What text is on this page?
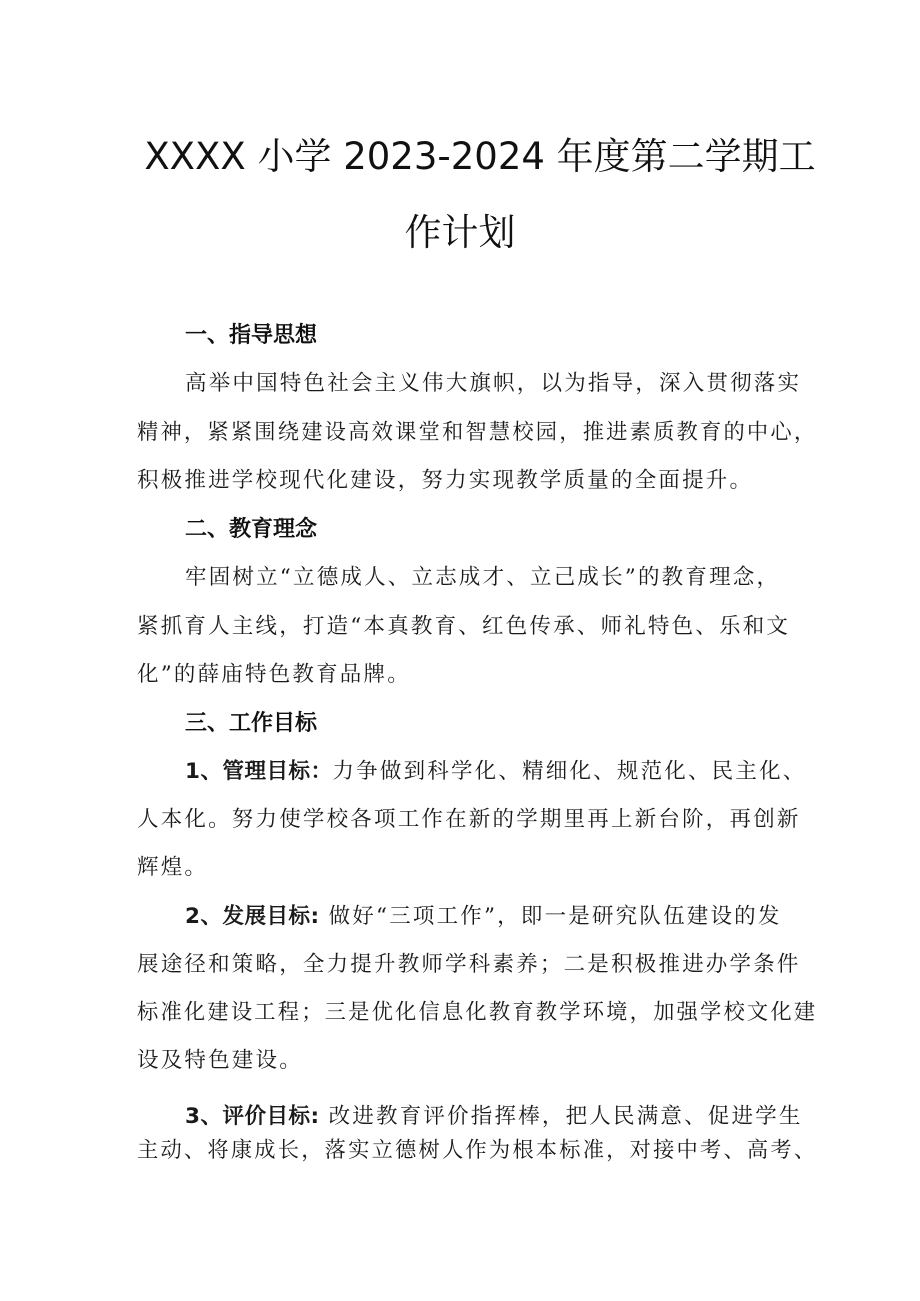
XXXX 小学 2023-2024 年度第二学期工
作计划
一、指导思想
高举中国特色社会主义伟大旗帜，以为指导，深入贯彻落实
精神，紧紧围绕建设高效课堂和智慧校园，推进素质教育的中心，
积极推进学校现代化建设，努力实现教学质量的全面提升。
二、教育理念
牢固树立“立德成人、立志成才、立己成长”的教育理念，
紧抓育人主线，打造“本真教育、红色传承、师礼特色、乐和文
化”的薛庙特色教育品牌。
三、工作目标
1、管理目标：力争做到科学化、精细化、规范化、民主化、
人本化。努力使学校各项工作在新的学期里再上新台阶，再创新
辉煌。
2、发展目标: 做好“三项工作”，即一是研究队伍建设的发
展途径和策略，全力提升教师学科素养；二是积极推进办学条件
标准化建设工程；三是优化信息化教育教学环境，加强学校文化建
设及特色建设。
3、评价目标: 改进教育评价指挥棒，把人民满意、促进学生
主动、将康成长，落实立德树人作为根本标准，对接中考、高考、
